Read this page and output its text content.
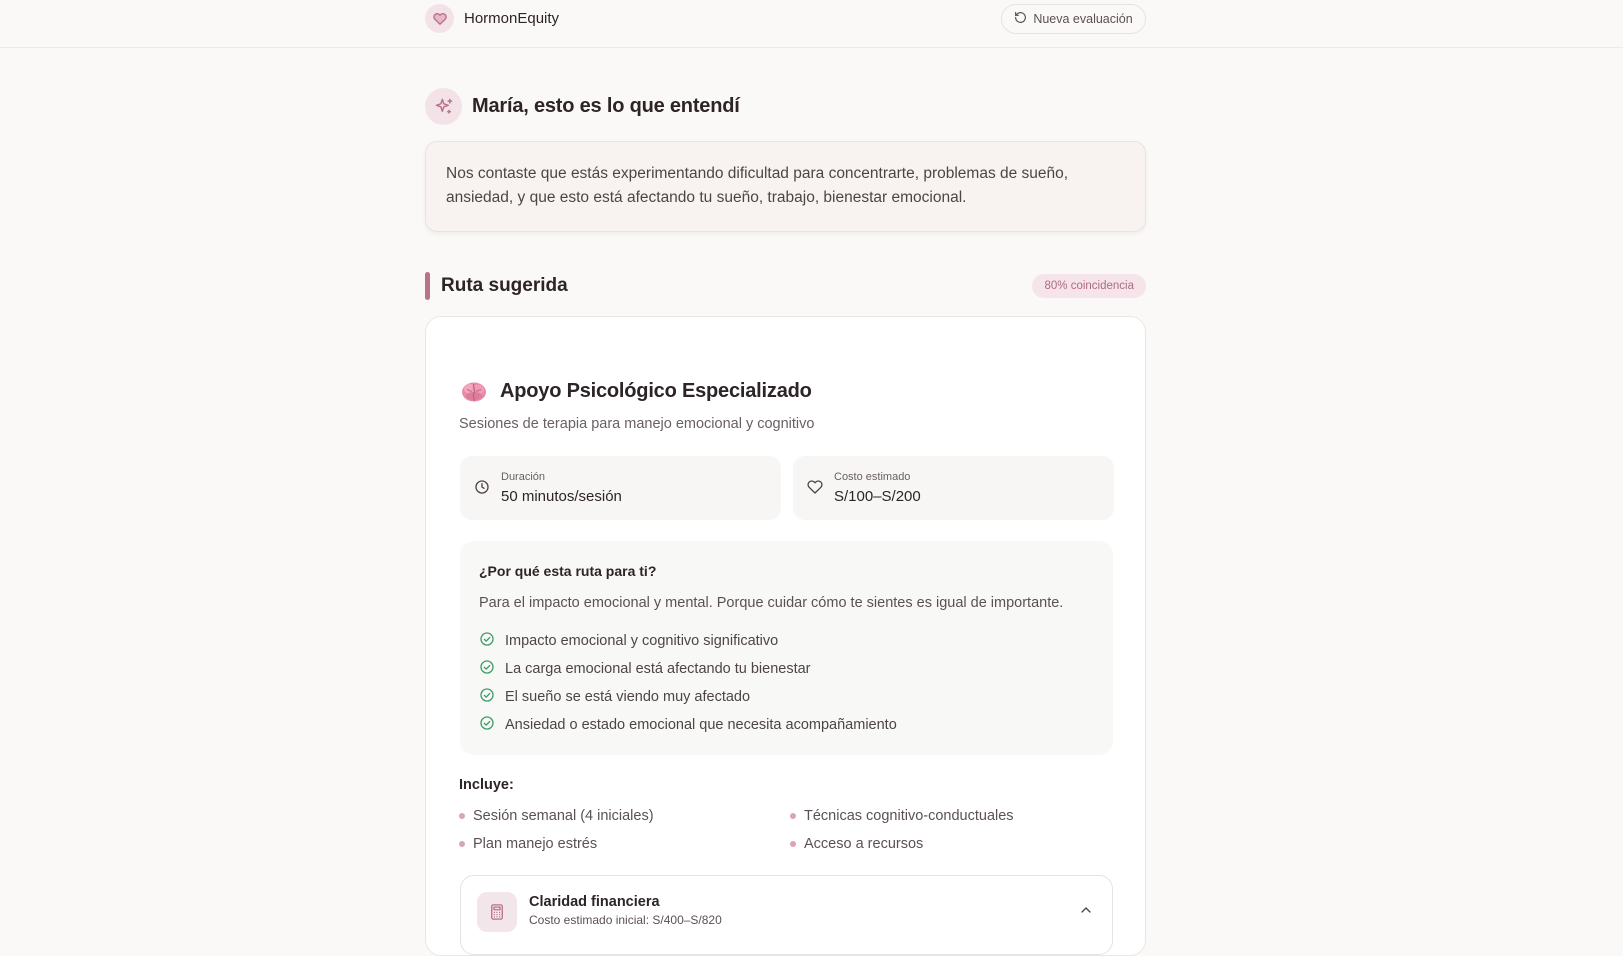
HormonEquity	Nueva evaluación
María, esto es lo que entendí
Nos contaste que estás experimentando dificultad para concentrarte, problemas de sueño, ansiedad, y que esto está afectando tu sueño, trabajo, bienestar emocional.
Ruta sugerida	80% coincidencia
Apoyo Psicológico Especializado

Sesiones de terapia para manejo emocional y cognitivo

Duración
50 minutos/sesión
Costo estimado
S/100–S/200
¿Por qué esta ruta para ti?

Para el impacto emocional y mental. Porque cuidar cómo te sientes es igual de importante.

Impacto emocional y cognitivo significativo
La carga emocional está afectando tu bienestar
El sueño se está viendo muy afectado
Ansiedad o estado emocional que necesita acompañamiento
Incluye:
Sesión semanal (4 iniciales)	Técnicas cognitivo-conductuales
Plan manejo estrés	Acceso a recursos
Claridad financiera
Costo estimado inicial: S/400–S/820
